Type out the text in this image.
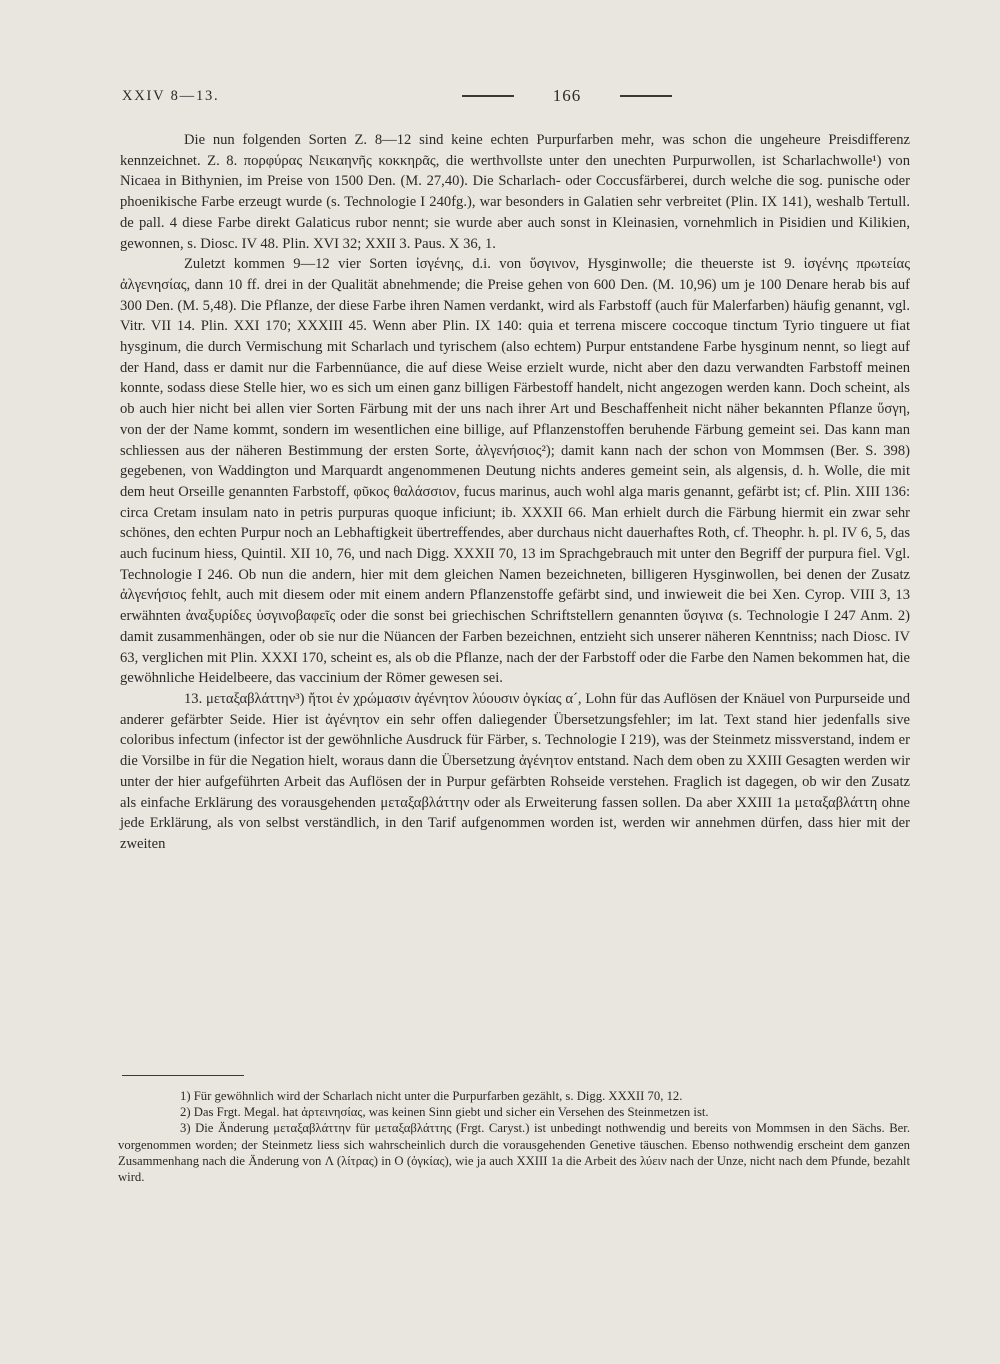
XXIV 8—13.	166

Die nun folgenden Sorten Z. 8—12 sind keine echten Purpurfarben mehr, was schon die ungeheure Preisdifferenz kennzeichnet. Z. 8. πορφύρας Νεικαηνῆς κοκκηρᾶς, die werthvollste unter den unechten Purpurwollen, ist Scharlachwolle¹) von Nicaea in Bithynien, im Preise von 1500 Den. (M. 27,40). Die Scharlach- oder Coccusfärberei, durch welche die sog. punische oder phoenikische Farbe erzeugt wurde (s. Technologie I 240fg.), war besonders in Galatien sehr verbreitet (Plin. IX 141), weshalb Tertull. de pall. 4 diese Farbe direkt Galaticus rubor nennt; sie wurde aber auch sonst in Kleinasien, vornehmlich in Pisidien und Kilikien, gewonnen, s. Diosc. IV 48. Plin. XVI 32; XXII 3. Paus. X 36, 1.

Zuletzt kommen 9—12 vier Sorten ἰσγένης, d.i. von ὕσγινον, Hysginwolle; die theuerste ist 9. ἰσγένης πρωτείας ἀλγενησίας, dann 10 ff. drei in der Qualität abnehmende; die Preise gehen von 600 Den. (M. 10,96) um je 100 Denare herab bis auf 300 Den. (M. 5,48). Die Pflanze, der diese Farbe ihren Namen verdankt, wird als Farbstoff (auch für Malerfarben) häufig genannt, vgl. Vitr. VII 14. Plin. XXI 170; XXXIII 45. Wenn aber Plin. IX 140: quia et terrena miscere coccoque tinctum Tyrio tinguere ut fiat hysginum, die durch Vermischung mit Scharlach und tyrischem (also echtem) Purpur entstandene Farbe hysginum nennt, so liegt auf der Hand, dass er damit nur die Farbennüance, die auf diese Weise erzielt wurde, nicht aber den dazu verwandten Farbstoff meinen konnte, sodass diese Stelle hier, wo es sich um einen ganz billigen Färbestoff handelt, nicht angezogen werden kann. Doch scheint, als ob auch hier nicht bei allen vier Sorten Färbung mit der uns nach ihrer Art und Beschaffenheit nicht näher bekannten Pflanze ὕσγη, von der der Name kommt, sondern im wesentlichen eine billige, auf Pflanzenstoffen beruhende Färbung gemeint sei. Das kann man schliessen aus der näheren Bestimmung der ersten Sorte, ἀλγενήσιος²); damit kann nach der schon von Mommsen (Ber. S. 398) gegebenen, von Waddington und Marquardt angenommenen Deutung nichts anderes gemeint sein, als algensis, d. h. Wolle, die mit dem heut Orseille genannten Farbstoff, φῦκος θαλάσσιον, fucus marinus, auch wohl alga maris genannt, gefärbt ist; cf. Plin. XIII 136: circa Cretam insulam nato in petris purpuras quoque inficiunt; ib. XXXII 66. Man erhielt durch die Färbung hiermit ein zwar sehr schönes, den echten Purpur noch an Lebhaftigkeit übertreffendes, aber durchaus nicht dauerhaftes Roth, cf. Theophr. h. pl. IV 6, 5, das auch fucinum hiess, Quintil. XII 10, 76, und nach Digg. XXXII 70, 13 im Sprachgebrauch mit unter den Begriff der purpura fiel. Vgl. Technologie I 246. Ob nun die andern, hier mit dem gleichen Namen bezeichneten, billigeren Hysginwollen, bei denen der Zusatz ἀλγενήσιος fehlt, auch mit diesem oder mit einem andern Pflanzenstoffe gefärbt sind, und inwieweit die bei Xen. Cyrop. VIII 3, 13 erwähnten ἀναξυρίδες ὑσγινοβαφεῖς oder die sonst bei griechischen Schriftstellern genannten ὕσγινα (s. Technologie I 247 Anm. 2) damit zusammenhängen, oder ob sie nur die Nüancen der Farben bezeichnen, entzieht sich unserer näheren Kenntniss; nach Diosc. IV 63, verglichen mit Plin. XXXI 170, scheint es, als ob die Pflanze, nach der der Farbstoff oder die Farbe den Namen bekommen hat, die gewöhnliche Heidelbeere, das vaccinium der Römer gewesen sei.

13. μεταξαβλάττην³) ἤτοι ἐν χρώμασιν ἀγένητον λύουσιν ὀγκίας α´, Lohn für das Auflösen der Knäuel von Purpurseide und anderer gefärbter Seide. Hier ist ἀγένητον ein sehr offen daliegender Übersetzungsfehler; im lat. Text stand hier jedenfalls sive coloribus infectum (infector ist der gewöhnliche Ausdruck für Färber, s. Technologie I 219), was der Steinmetz missverstand, indem er die Vorsilbe in für die Negation hielt, woraus dann die Übersetzung ἀγένητον entstand. Nach dem oben zu XXIII Gesagten werden wir unter der hier aufgeführten Arbeit das Auflösen der in Purpur gefärbten Rohseide verstehen. Fraglich ist dagegen, ob wir den Zusatz als einfache Erklärung des vorausgehenden μεταξαβλάττην oder als Erweiterung fassen sollen. Da aber XXIII 1a μεταξαβλάττη ohne jede Erklärung, als von selbst verständlich, in den Tarif aufgenommen worden ist, werden wir annehmen dürfen, dass hier mit der zweiten

1) Für gewöhnlich wird der Scharlach nicht unter die Purpurfarben gezählt, s. Digg. XXXII 70, 12.

2) Das Frgt. Megal. hat ἀρτεινησίας, was keinen Sinn giebt und sicher ein Versehen des Steinmetzen ist.

3) Die Änderung μεταξαβλάττην für μεταξαβλάττης (Frgt. Caryst.) ist unbedingt nothwendig und bereits von Mommsen in den Sächs. Ber. vorgenommen worden; der Steinmetz liess sich wahrscheinlich durch die vorausgehenden Genetive täuschen. Ebenso nothwendig erscheint dem ganzen Zusammenhang nach die Änderung von Λ (λίτρας) in O (ὀγκίας), wie ja auch XXIII 1a die Arbeit des λύειν nach der Unze, nicht nach dem Pfunde, bezahlt wird.
